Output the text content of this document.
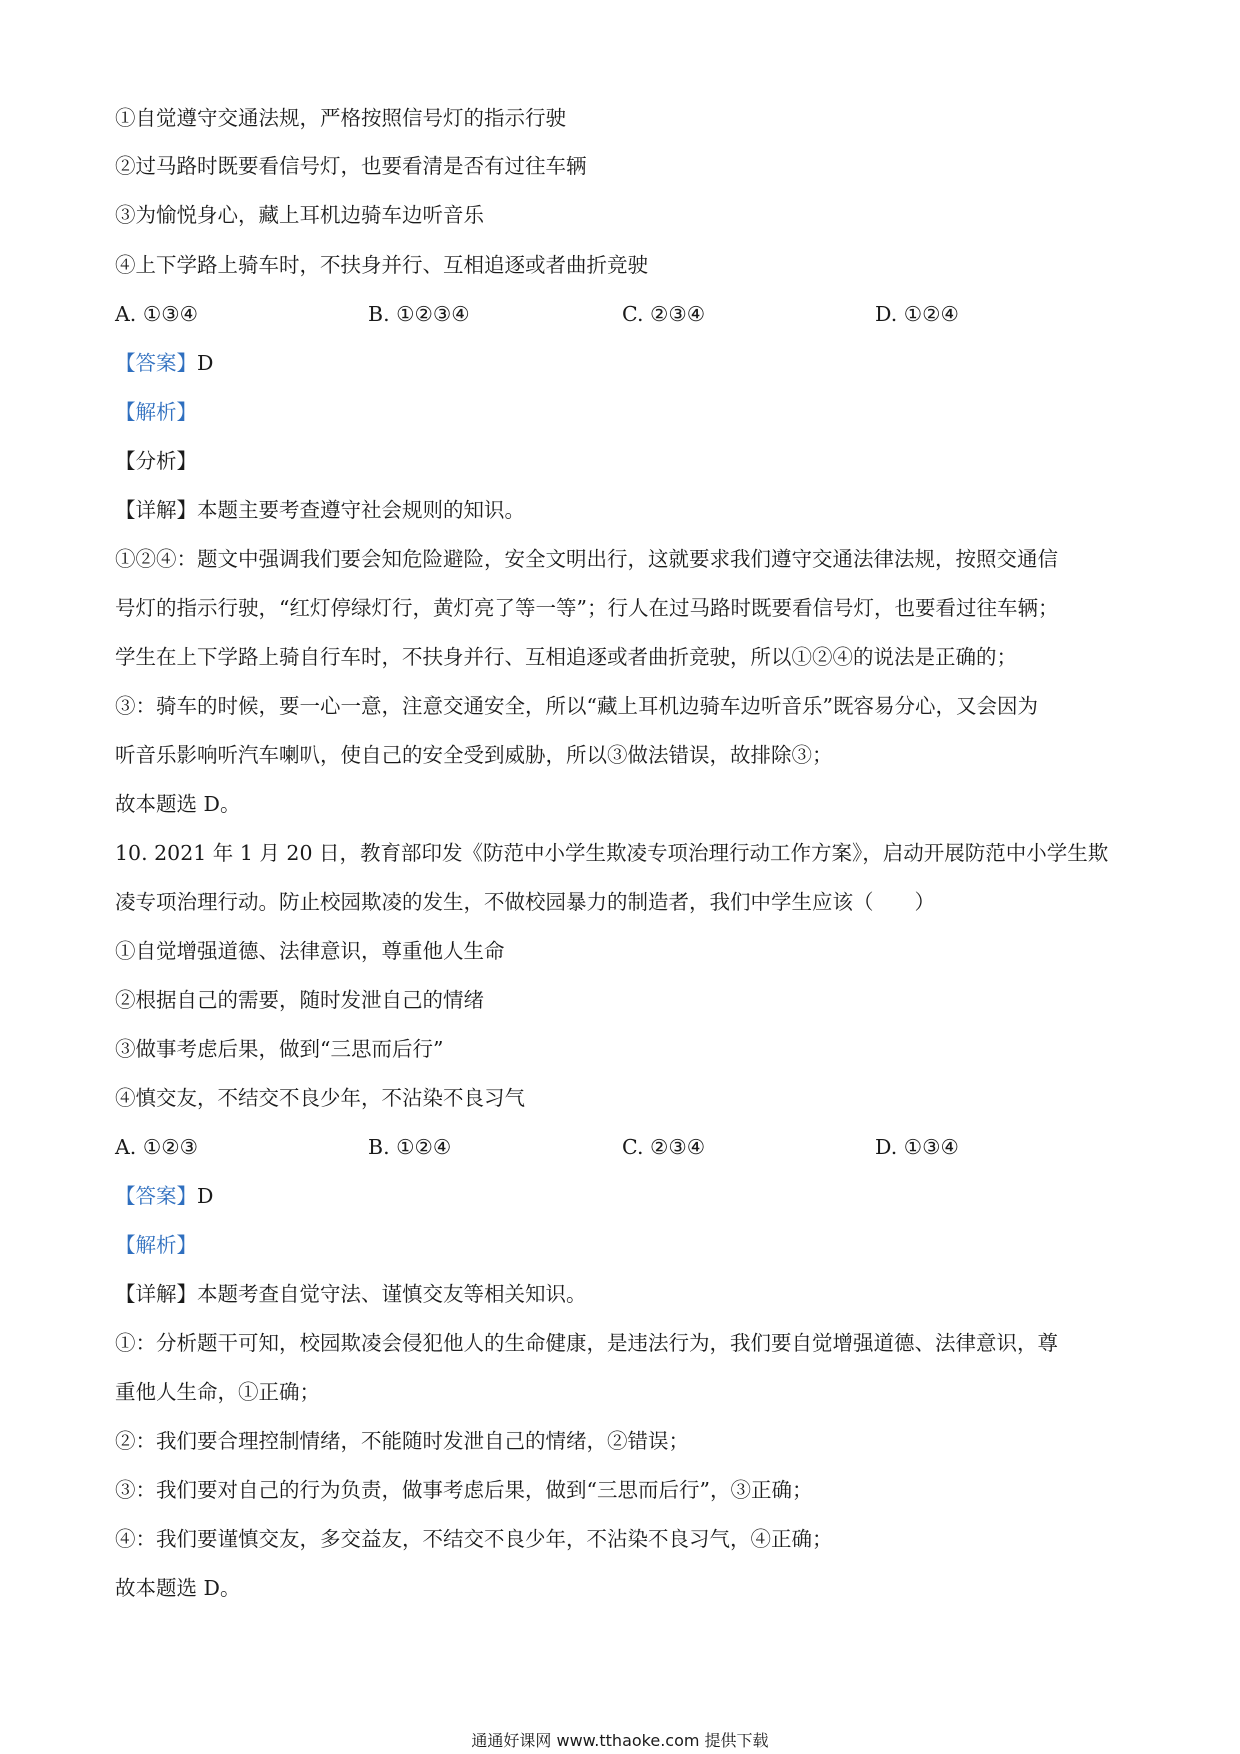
①自觉遵守交通法规，严格按照信号灯的指示行驶
②过马路时既要看信号灯，也要看清是否有过往车辆
③为愉悦身心，藏上耳机边骑车边听音乐
④上下学路上骑车时，不扶身并行、互相追逐或者曲折竞驶
A. ①③④	B. ①②③④	C. ②③④	D. ①②④
【答案】D
【解析】
【分析】
【详解】本题主要考查遵守社会规则的知识。
①②④：题文中强调我们要会知危险避险，安全文明出行，这就要求我们遵守交通法律法规，按照交通信
号灯的指示行驶，“红灯停绿灯行，黄灯亮了等一等”；行人在过马路时既要看信号灯，也要看过往车辆；
学生在上下学路上骑自行车时，不扶身并行、互相追逐或者曲折竞驶，所以①②④的说法是正确的；
③：骑车的时候，要一心一意，注意交通安全，所以“藏上耳机边骑车边听音乐”既容易分心，又会因为
听音乐影响听汽车喇叭，使自己的安全受到威胁，所以③做法错误，故排除③；
故本题选 D。
10. 2021 年 1 月 20 日，教育部印发《防范中小学生欺凌专项治理行动工作方案》，启动开展防范中小学生欺
凌专项治理行动。防止校园欺凌的发生，不做校园暴力的制造者，我们中学生应该（　　）
①自觉增强道德、法律意识，尊重他人生命
②根据自己的需要，随时发泄自己的情绪
③做事考虑后果，做到“三思而后行”
④慎交友，不结交不良少年，不沾染不良习气
A. ①②③	B. ①②④	C. ②③④	D. ①③④
【答案】D
【解析】
【详解】本题考查自觉守法、谨慎交友等相关知识。
①：分析题干可知，校园欺凌会侵犯他人的生命健康，是违法行为，我们要自觉增强道德、法律意识，尊
重他人生命，①正确；
②：我们要合理控制情绪，不能随时发泄自己的情绪，②错误；
③：我们要对自己的行为负责，做事考虑后果，做到“三思而后行”，③正确；
④：我们要谨慎交友，多交益友，不结交不良少年，不沾染不良习气，④正确；
故本题选 D。
通通好课网 www.tthaoke.com 提供下载
